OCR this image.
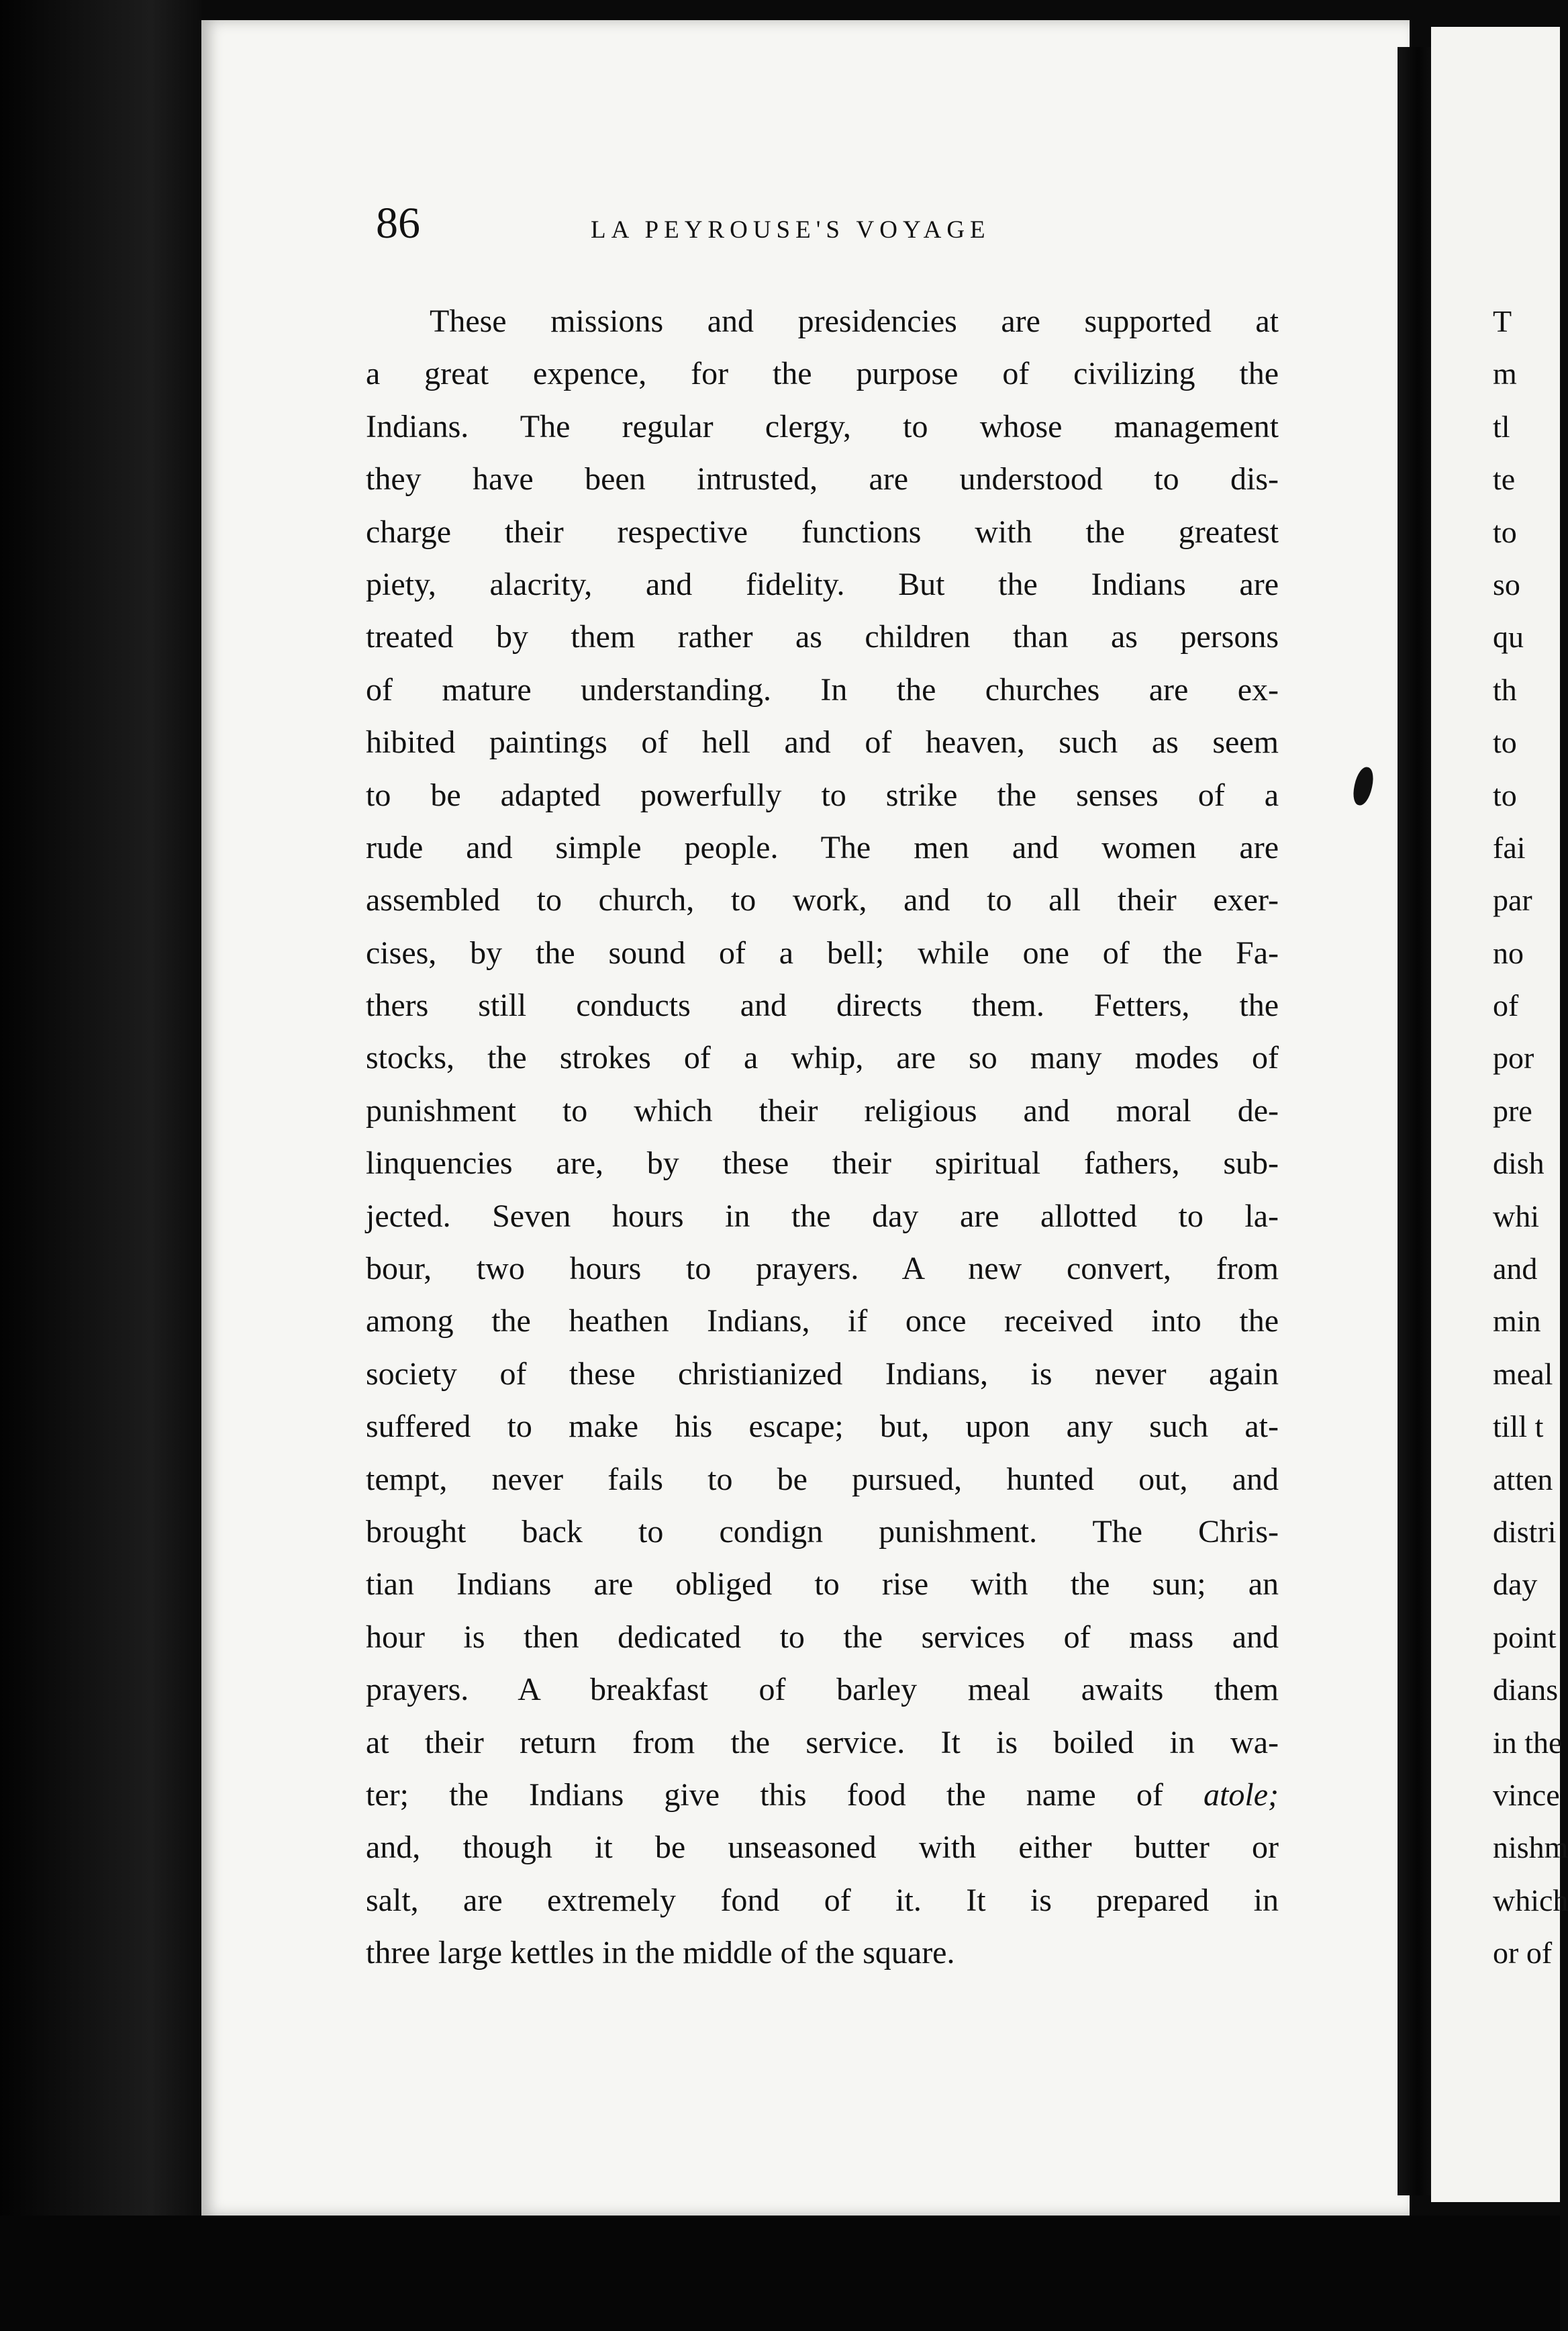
86	LA PEYROUSE'S VOYAGE
These missions and presidencies are supported at
a great expence, for the purpose of civilizing the
Indians. The regular clergy, to whose management
they have been intrusted, are understood to dis-
charge their respective functions with the greatest
piety, alacrity, and fidelity. But the Indians are
treated by them rather as children than as persons
of mature understanding. In the churches are ex-
hibited paintings of hell and of heaven, such as seem
to be adapted powerfully to strike the senses of a
rude and simple people. The men and women are
assembled to church, to work, and to all their exer-
cises, by the sound of a bell; while one of the Fa-
thers still conducts and directs them. Fetters, the
stocks, the strokes of a whip, are so many modes of
punishment to which their religious and moral de-
linquencies are, by these their spiritual fathers, sub-
jected. Seven hours in the day are allotted to la-
bour, two hours to prayers. A new convert, from
among the heathen Indians, if once received into the
society of these christianized Indians, is never again
suffered to make his escape; but, upon any such at-
tempt, never fails to be pursued, hunted out, and
brought back to condign punishment. The Chris-
tian Indians are obliged to rise with the sun; an
hour is then dedicated to the services of mass and
prayers. A breakfast of barley meal awaits them
at their return from the service. It is boiled in wa-
ter; the Indians give this food the name of atole;
and, though it be unseasoned with either butter or
salt, are extremely fond of it. It is prepared in
three large kettles in the middle of the square.
T
m
tl
te
to
so
qu
th
to
to
fai
par
no
of
por
pre
dish
whi
and
min
meal
till t
atten
distri
day
point
dians
in the
vince
nishm
which
or of
